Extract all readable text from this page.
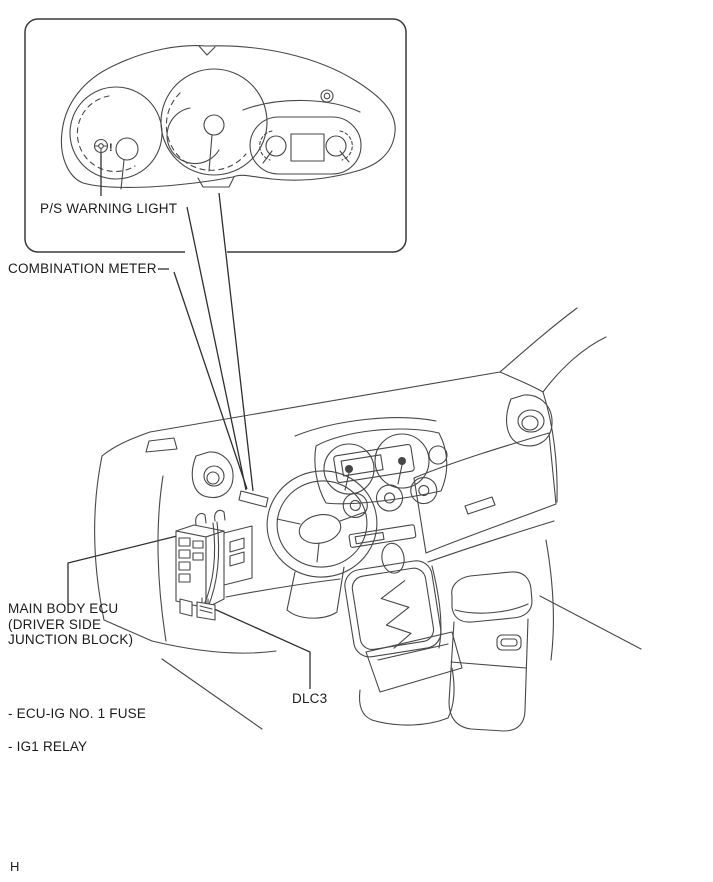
!
P/S WARNING LIGHT
COMBINATION METER
MAIN BODY ECU
(DRIVER SIDE
JUNCTION BLOCK)
- ECU-IG NO. 1 FUSE
- IG1 RELAY
DLC3
H
